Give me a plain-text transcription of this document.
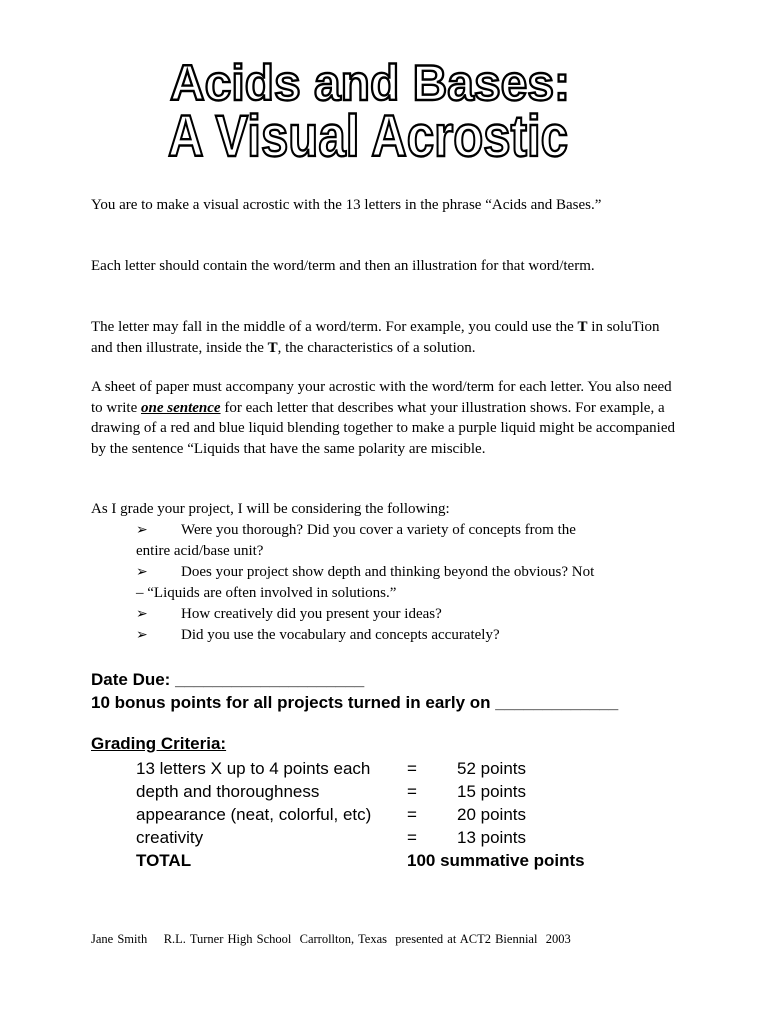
Acids and Bases:
A Visual Acrostic

You are to make a visual acrostic with the 13 letters in the phrase “Acids and Bases.”

Each letter should contain the word/term and then an illustration for that word/term.

The letter may fall in the middle of a word/term. For example, you could use the T in soluTion and then illustrate, inside the T, the characteristics of a solution.

A sheet of paper must accompany your acrostic with the word/term for each letter. You also need to write one sentence for each letter that describes what your illustration shows. For example, a drawing of a red and blue liquid blending together to make a purple liquid might be accompanied by the sentence “Liquids that have the same polarity are miscible.

As I grade your project, I will be considering the following:

➢	Were you thorough? Did you cover a variety of concepts from the
entire acid/base unit?
➢	Does your project show depth and thinking beyond the obvious? Not
– “Liquids are often involved in solutions.”
➢	How creatively did you present your ideas?
➢	Did you use the vocabulary and concepts accurately?
Date Due: ____________________
10 bonus points for all projects turned in early on _____________
Grading Criteria:
13 letters X up to 4 points each = 52 points
depth and thoroughness	= 15 points
appearance (neat, colorful, etc) = 20 points
creativity	= 13 points
TOTAL	100 summative points
Jane Smith    R.L. Turner High School  Carrollton, Texas  presented at ACT2 Biennial  2003
